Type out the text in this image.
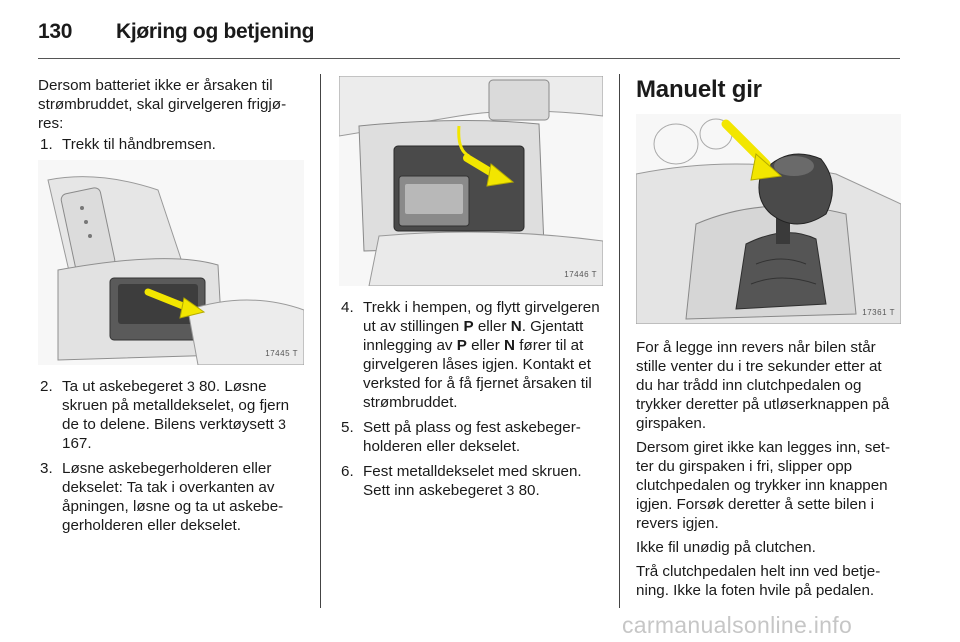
130 Kjøring og betjening

Dersom batteriet ikke er årsaken til strømbruddet, skal girvelgeren frigjøres:

1. Trekk til håndbremsen.
17445 T
2. Ta ut askebegeret 3 80. Løsne skruen på metalldekselet, og fjern de to delene. Bilens verktøysett 3 167.
3. Løsne askebegerholderen eller dekselet: Ta tak i overkanten av åpningen, løsne og ta ut askebegerholderen eller dekselet.
17446 T
4. Trekk i hempen, og flytt girvelgeren ut av stillingen P eller N. Gjentatt innlegging av P eller N fører til at girvelgeren låses igjen. Kontakt et verksted for å få fjernet årsaken til strømbruddet.
5. Sett på plass og fest askebegerholderen eller dekselet.
6. Fest metalldekselet med skruen. Sett inn askebegeret 3 80.
Manuelt gir
17361 T

For å legge inn revers når bilen står stille venter du i tre sekunder etter at du har trådd inn clutchpedalen og trykker deretter på utløserknappen på girspaken.

Dersom giret ikke kan legges inn, setter du girspaken i fri, slipper opp clutchpedalen og trykker inn knappen igjen. Forsøk deretter å sette bilen i revers igjen.

Ikke fil unødig på clutchen.

Trå clutchpedalen helt inn ved betjening. Ikke la foten hvile på pedalen.

carmanualsonline.info
